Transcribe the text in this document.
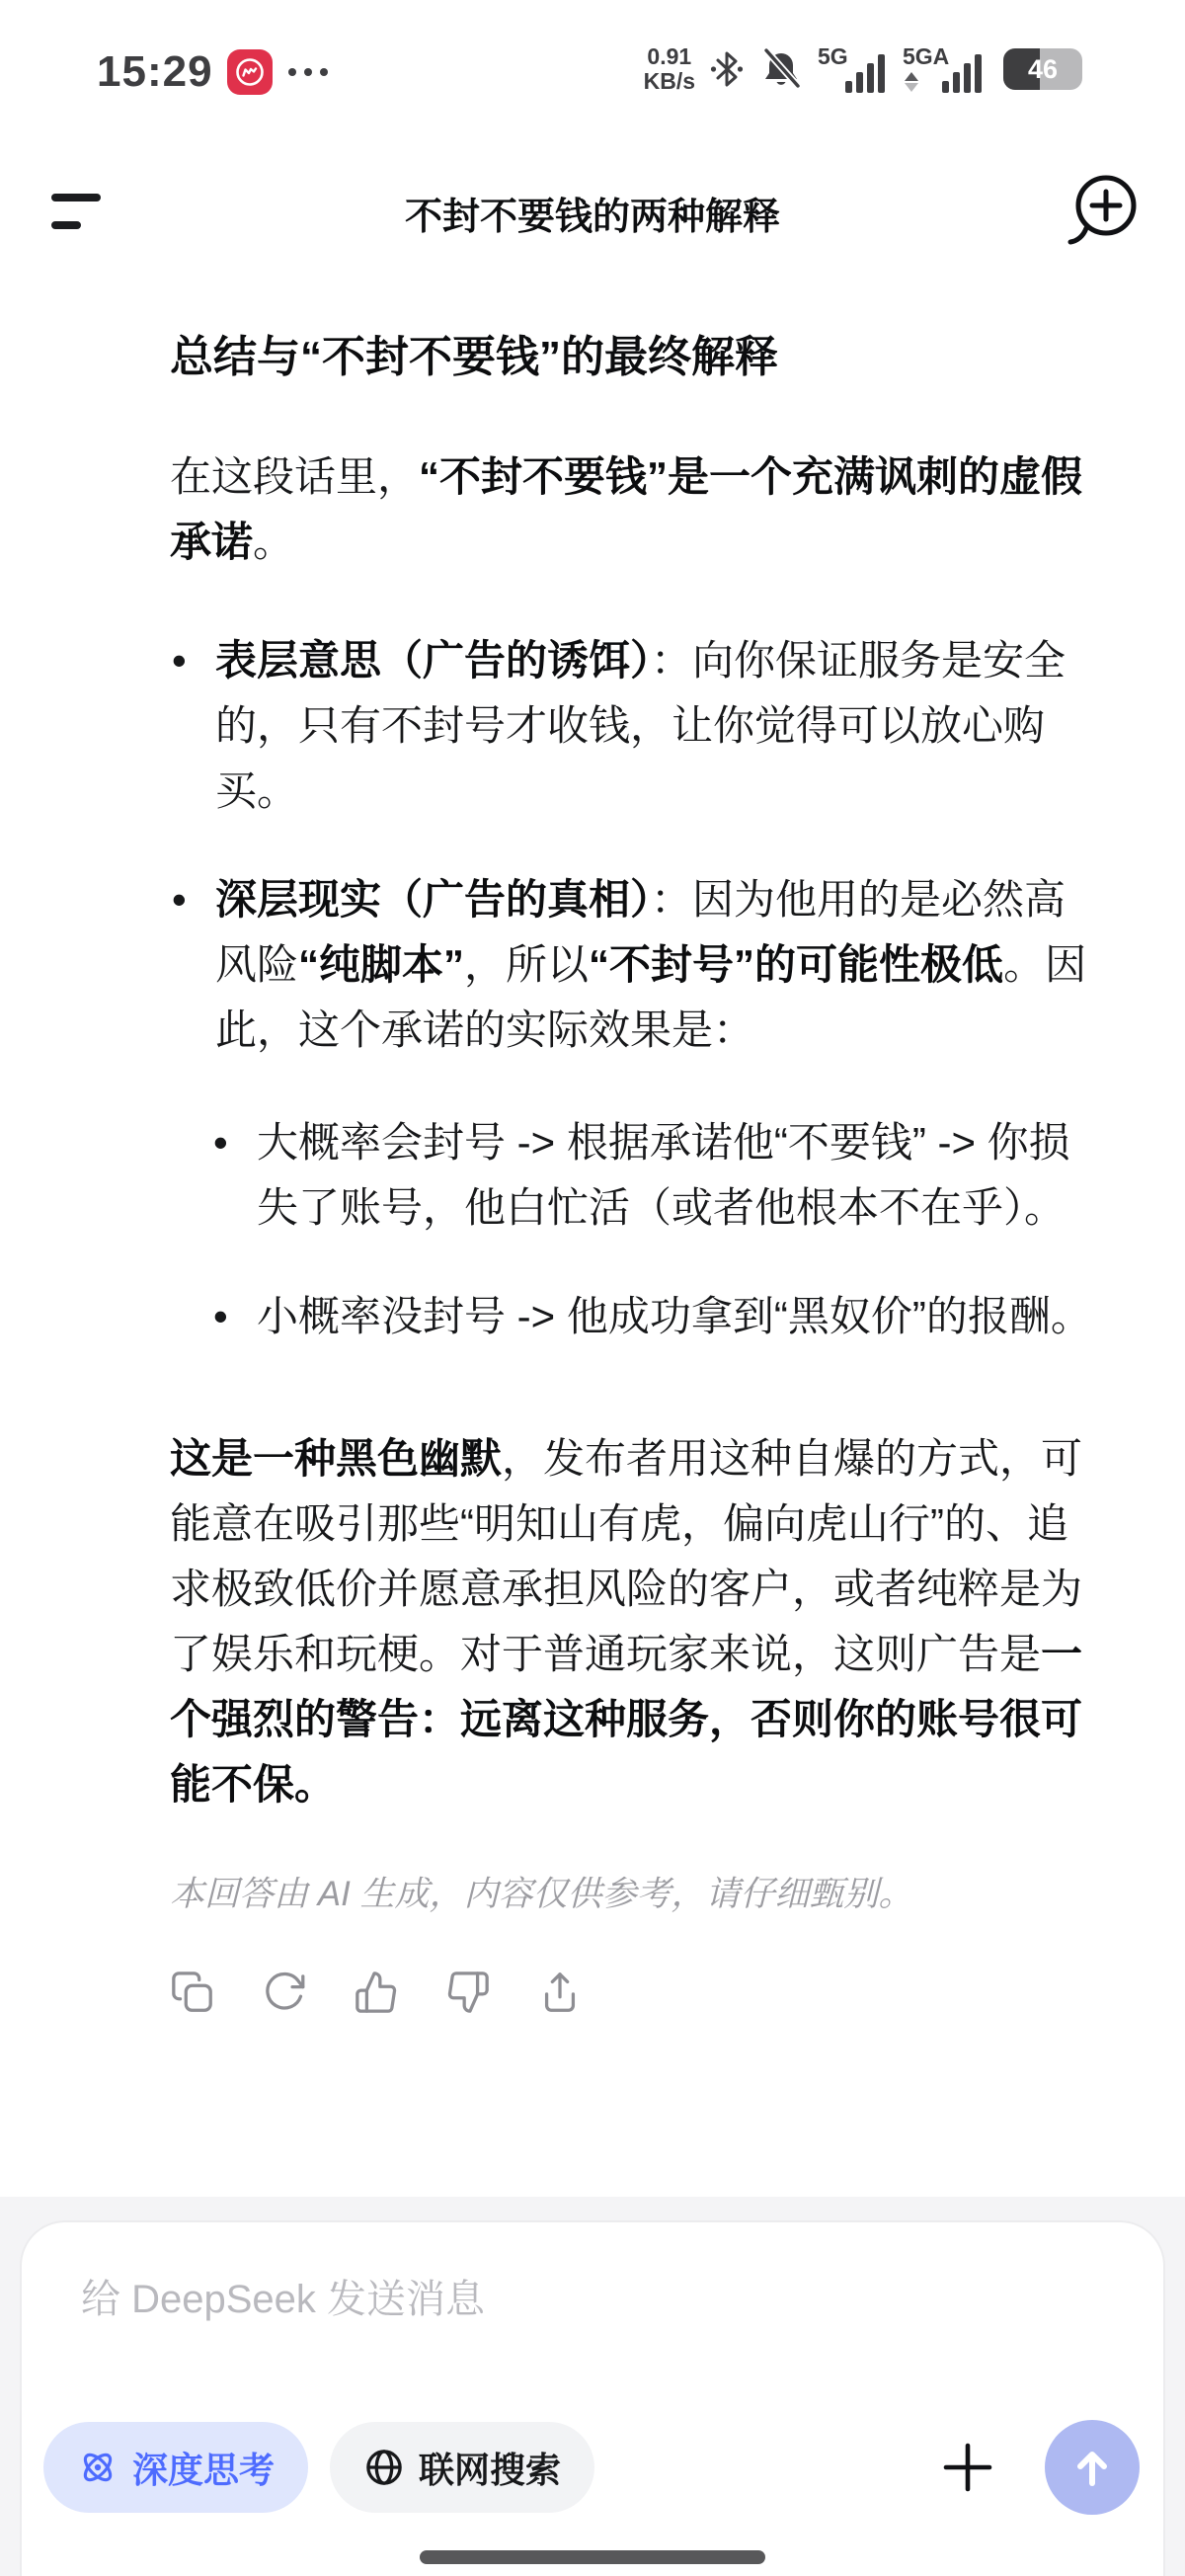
15:29	0.91
KB/s
5G 5GA	46
不封不要钱的两种解释
总结与“不封不要钱”的最终解释

在这段话里，“不封不要钱”是一个充满讽刺的虚假承诺。

• 表层意思（广告的诱饵）：向你保证服务是安全的，只有不封号才收钱，让你觉得可以放心购买。
• 深层现实（广告的真相）：因为他用的是必然高风险“纯脚本”，所以“不封号”的可能性极低。因此，这个承诺的实际效果是：
• 大概率会封号 -> 根据承诺他“不要钱” -> 你损失了账号，他白忙活（或者他根本不在乎）。
• 小概率没封号 -> 他成功拿到“黑奴价”的报酬。

这是一种黑色幽默，发布者用这种自爆的方式，可能意在吸引那些“明知山有虎，偏向虎山行”的、追求极致低价并愿意承担风险的客户，或者纯粹是为了娱乐和玩梗。对于普通玩家来说，这则广告是一个强烈的警告：远离这种服务，否则你的账号很可能不保。

本回答由 AI 生成，内容仅供参考，请仔细甄别。

给 DeepSeek 发送消息
深度思考	联网搜索
